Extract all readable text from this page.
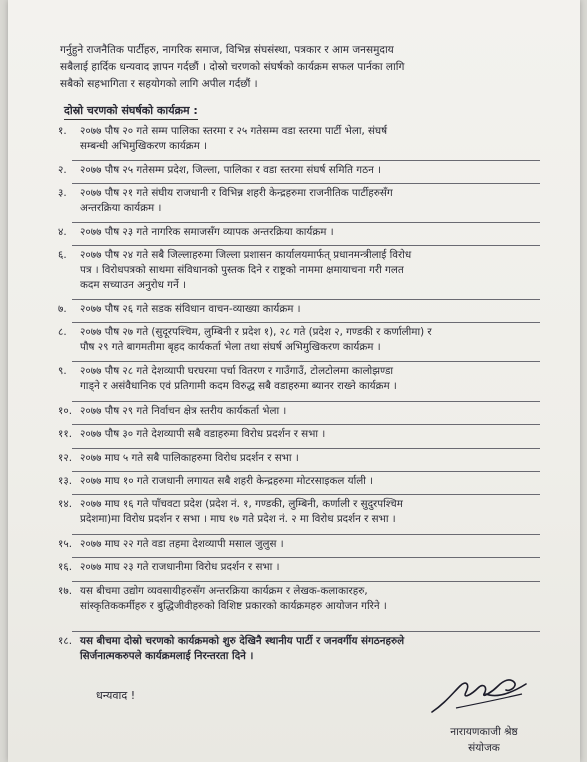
गर्नुहुने राजनैतिक पार्टीहरु, नागरिक समाज, विभिन्न संघसंस्था, पत्रकार र आम जनसमुदाय

सबैलाई हार्दिक धन्यवाद ज्ञापन गर्दछौं । दोस्रो चरणको संघर्षको कार्यक्रम सफल पार्नका लागि

सबैको सहभागिता र सहयोगको लागि अपील गर्दछौं ।

दोस्रो चरणको संघर्षको कार्यक्रम :
१.	२०७७ पौष २० गते सम्म पालिका स्तरमा र २५ गतेसम्म वडा स्तरमा पार्टी भेला, संघर्ष
सम्बन्धी अभिमुखिकरण कार्यक्रम ।
२.	२०७७ पौष २५ गतेसम्म प्रदेश, जिल्ला, पालिका र वडा स्तरमा संघर्ष समिति गठन ।
३.	२०७७ पौष २१ गते संघीय राजधानी र विभिन्न शहरी केन्द्रहरुमा राजनीतिक पार्टीहरुसँग
अन्तरक्रिया कार्यक्रम ।
४.	२०७७ पौष २३ गते नागरिक समाजसँग व्यापक अन्तरक्रिया कार्यक्रम ।
६.	२०७७ पौष २४ गते सबै जिल्लाहरुमा जिल्ला प्रशासन कार्यालयमार्फत् प्रधानमन्त्रीलाई विरोध
पत्र । विरोधपत्रको साथमा संविधानको पुस्तक दिने र राष्ट्रको नाममा क्षमायाचना गरी गलत
कदम सच्याउन अनुरोध गर्ने ।
७.	२०७७ पौष २६ गते सडक संविधान वाचन-व्याख्या कार्यक्रम ।
८.	२०७७ पौष २७ गते (सुदूरपश्चिम, लुम्बिनी र प्रदेश १), २८ गते (प्रदेश २, गण्डकी र कर्णालीमा) र
पौष २९ गते बागमतीमा बृहद कार्यकर्ता भेला तथा संघर्ष अभिमुखिकरण कार्यक्रम ।
९.	२०७७ पौष २८ गते देशव्यापी घरघरमा पर्चा वितरण र गाउँगाउँ, टोलटोलमा कालोझण्डा
गाड्ने र असंवैधानिक एवं प्रतिगामी कदम विरुद्ध सबै वडाहरुमा ब्यानर राख्ने कार्यक्रम ।
१०. २०७७ पौष २९ गते निर्वाचन क्षेत्र स्तरीय कार्यकर्ता भेला ।
११. २०७७ पौष ३० गते देशव्यापी सबै वडाहरुमा विरोध प्रदर्शन र सभा ।
१२. २०७७ माघ ५ गते सबै पालिकाहरुमा विरोध प्रदर्शन र सभा ।
१३. २०७७ माघ १० गते राजधानी लगायत सबै शहरी केन्द्रहरुमा मोटरसाइकल र्याली ।
१४. २०७७ माघ १६ गते पाँचवटा प्रदेश (प्रदेश नं. १, गण्डकी, लुम्बिनी, कर्णाली र सुदुरपश्चिम
प्रदेशमा)मा विरोध प्रदर्शन र सभा । माघ १७ गते प्रदेश नं. २ मा विरोध प्रदर्शन र सभा ।
१५. २०७७ माघ २२ गते वडा तहमा देशव्यापी मसाल जुलुस ।
१६. २०७७ माघ २३ गते राजधानीमा विरोध प्रदर्शन र सभा ।
१७. यस बीचमा उद्योग व्यवसायीहरुसँग अन्तरक्रिया कार्यक्रम र लेखक-कलाकारहरु,
सांस्कृतिककर्मीहरु र बुद्धिजीवीहरुको विशिष्ट प्रकारको कार्यक्रमहरु आयोजन गरिने ।
१८. यस बीचमा दोस्रो चरणको कार्यक्रमको शुरु देखिनै स्थानीय पार्टी र जनवर्गीय संगठनहरुले
सिर्जनात्मकरुपले कार्यक्रमलाई निरन्तरता दिने ।
धन्यवाद !
नारायणकाजी श्रेष्ठ
संयोजक
